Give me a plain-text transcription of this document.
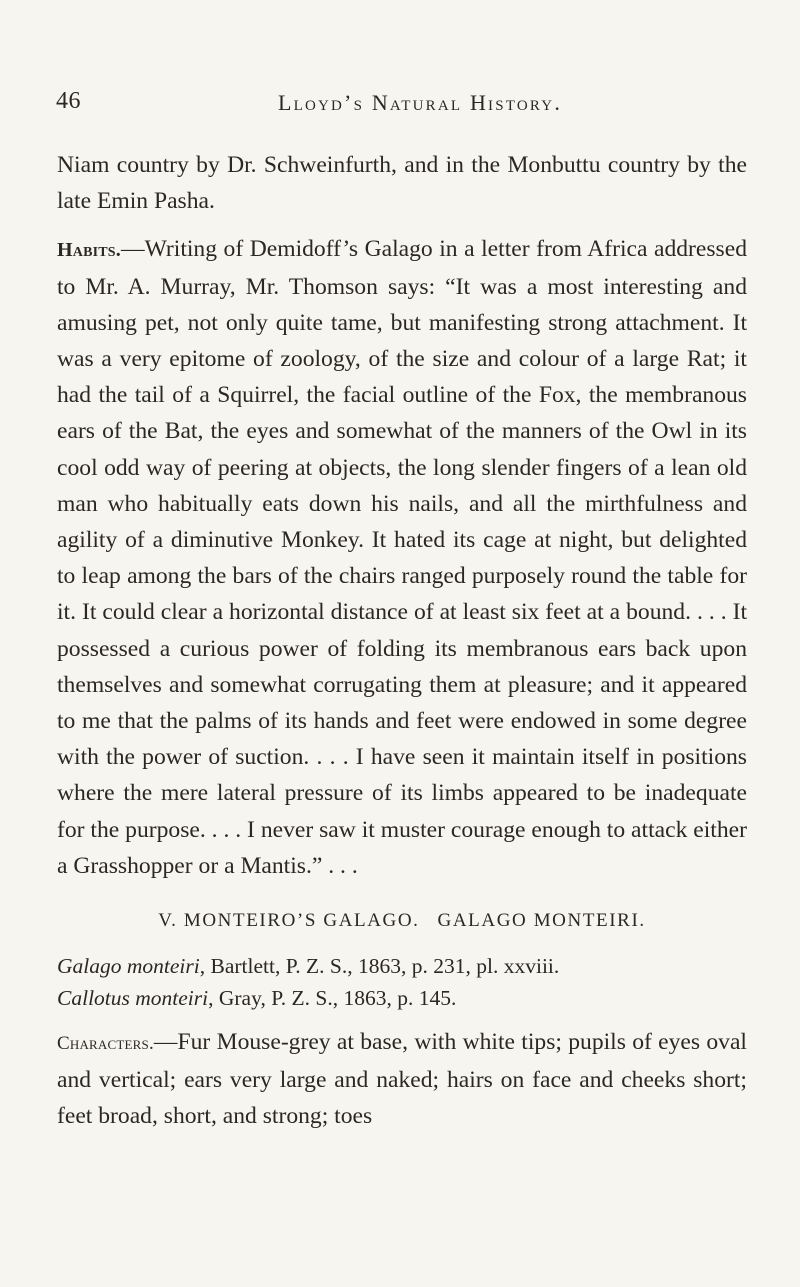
46	Lloyd’s Natural History.

Niam country by Dr. Schweinfurth, and in the Monbuttu country by the late Emin Pasha.

Habits.—Writing of Demidoff’s Galago in a letter from Africa addressed to Mr. A. Murray, Mr. Thomson says: “It was a most interesting and amusing pet, not only quite tame, but manifesting strong attachment. It was a very epitome of zoology, of the size and colour of a large Rat; it had the tail of a Squirrel, the facial outline of the Fox, the membranous ears of the Bat, the eyes and somewhat of the manners of the Owl in its cool odd way of peering at objects, the long slender fingers of a lean old man who habitually eats down his nails, and all the mirthfulness and agility of a diminutive Monkey. It hated its cage at night, but delighted to leap among the bars of the chairs ranged purposely round the table for it. It could clear a horizontal distance of at least six feet at a bound. . . . It possessed a curious power of folding its membranous ears back upon themselves and somewhat corrugating them at pleasure; and it appeared to me that the palms of its hands and feet were endowed in some degree with the power of suction. . . . I have seen it maintain itself in positions where the mere lateral pressure of its limbs appeared to be inadequate for the purpose. . . . I never saw it muster courage enough to attack either a Grasshopper or a Mantis.” . . .

V. MONTEIRO’S GALAGO. GALAGO MONTEIRI.
Galago monteiri, Bartlett, P. Z. S., 1863, p. 231, pl. xxviii.
Callotus monteiri, Gray, P. Z. S., 1863, p. 145.

Characters.—Fur Mouse-grey at base, with white tips; pupils of eyes oval and vertical; ears very large and naked; hairs on face and cheeks short; feet broad, short, and strong; toes
